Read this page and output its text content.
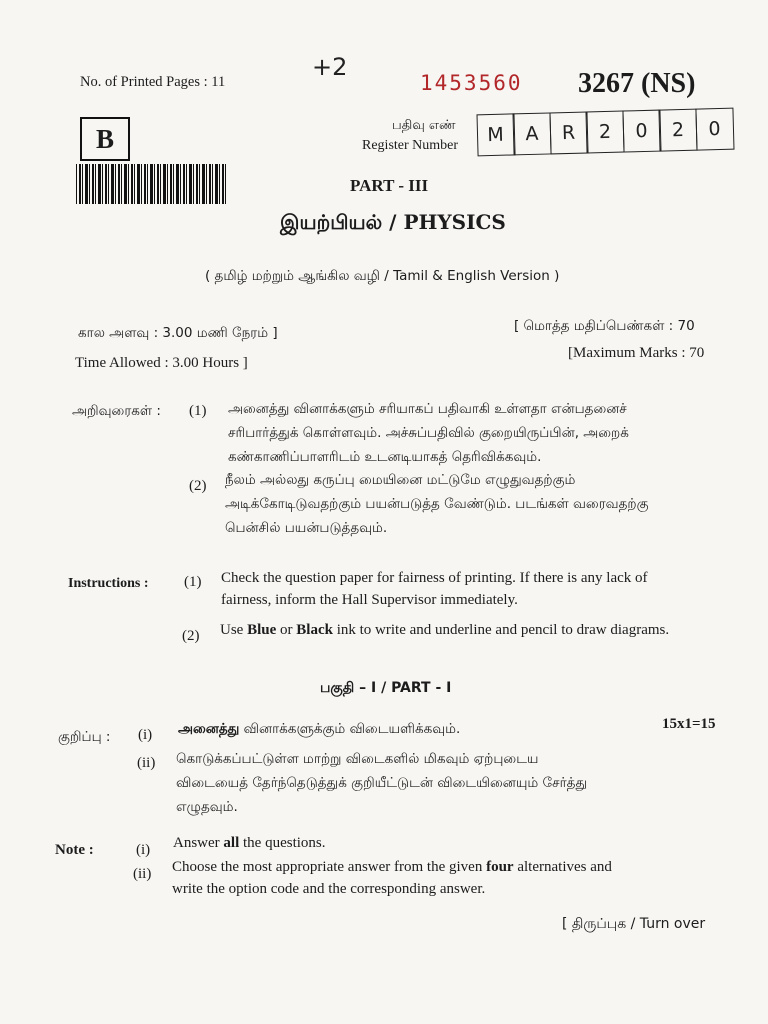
No. of Printed Pages : 11
+2
1453560 3267 (NS)
B	பதிவு எண்
Register Number	M	A	R	2	0	2	0
PART - III
இயற்பியல் / PHYSICS
( தமிழ் மற்றும் ஆங்கில வழி / Tamil & English Version )
கால அளவு : 3.00 மணி நேரம் ]
Time Allowed : 3.00 Hours ]
[ மொத்த மதிப்பெண்கள் : 70
[Maximum Marks : 70
அறிவுரைகள் : (1) அனைத்து வினாக்களும் சரியாகப் பதிவாகி உள்ளதா என்பதனைச்
சரிபார்த்துக் கொள்ளவும். அச்சுப்பதிவில் குறையிருப்பின், அறைக்
கண்காணிப்பாளரிடம் உடனடியாகத் தெரிவிக்கவும்.
(2) நீலம் அல்லது கருப்பு மையினை மட்டுமே எழுதுவதற்கும்
அடிக்கோடிடுவதற்கும் பயன்படுத்த வேண்டும். படங்கள் வரைவதற்கு
பென்சில் பயன்படுத்தவும்.
Instructions : (1) Check the question paper for fairness of printing. If there is any lack of
fairness, inform the Hall Supervisor immediately.
(2) Use Blue or Black ink to write and underline and pencil to draw diagrams.
பகுதி – I / PART - I
15x1=15
குறிப்பு : (i) அனைத்து வினாக்களுக்கும் விடையளிக்கவும்.
(ii) கொடுக்கப்பட்டுள்ள மாற்று விடைகளில் மிகவும் ஏற்புடைய
விடையைத் தேர்ந்தெடுத்துக் குறியீட்டுடன் விடையினையும் சேர்த்து
எழுதவும்.
Note :	(i) Answer all the questions.
(ii) Choose the most appropriate answer from the given four alternatives and
write the option code and the corresponding answer.
[ திருப்புக / Turn over
